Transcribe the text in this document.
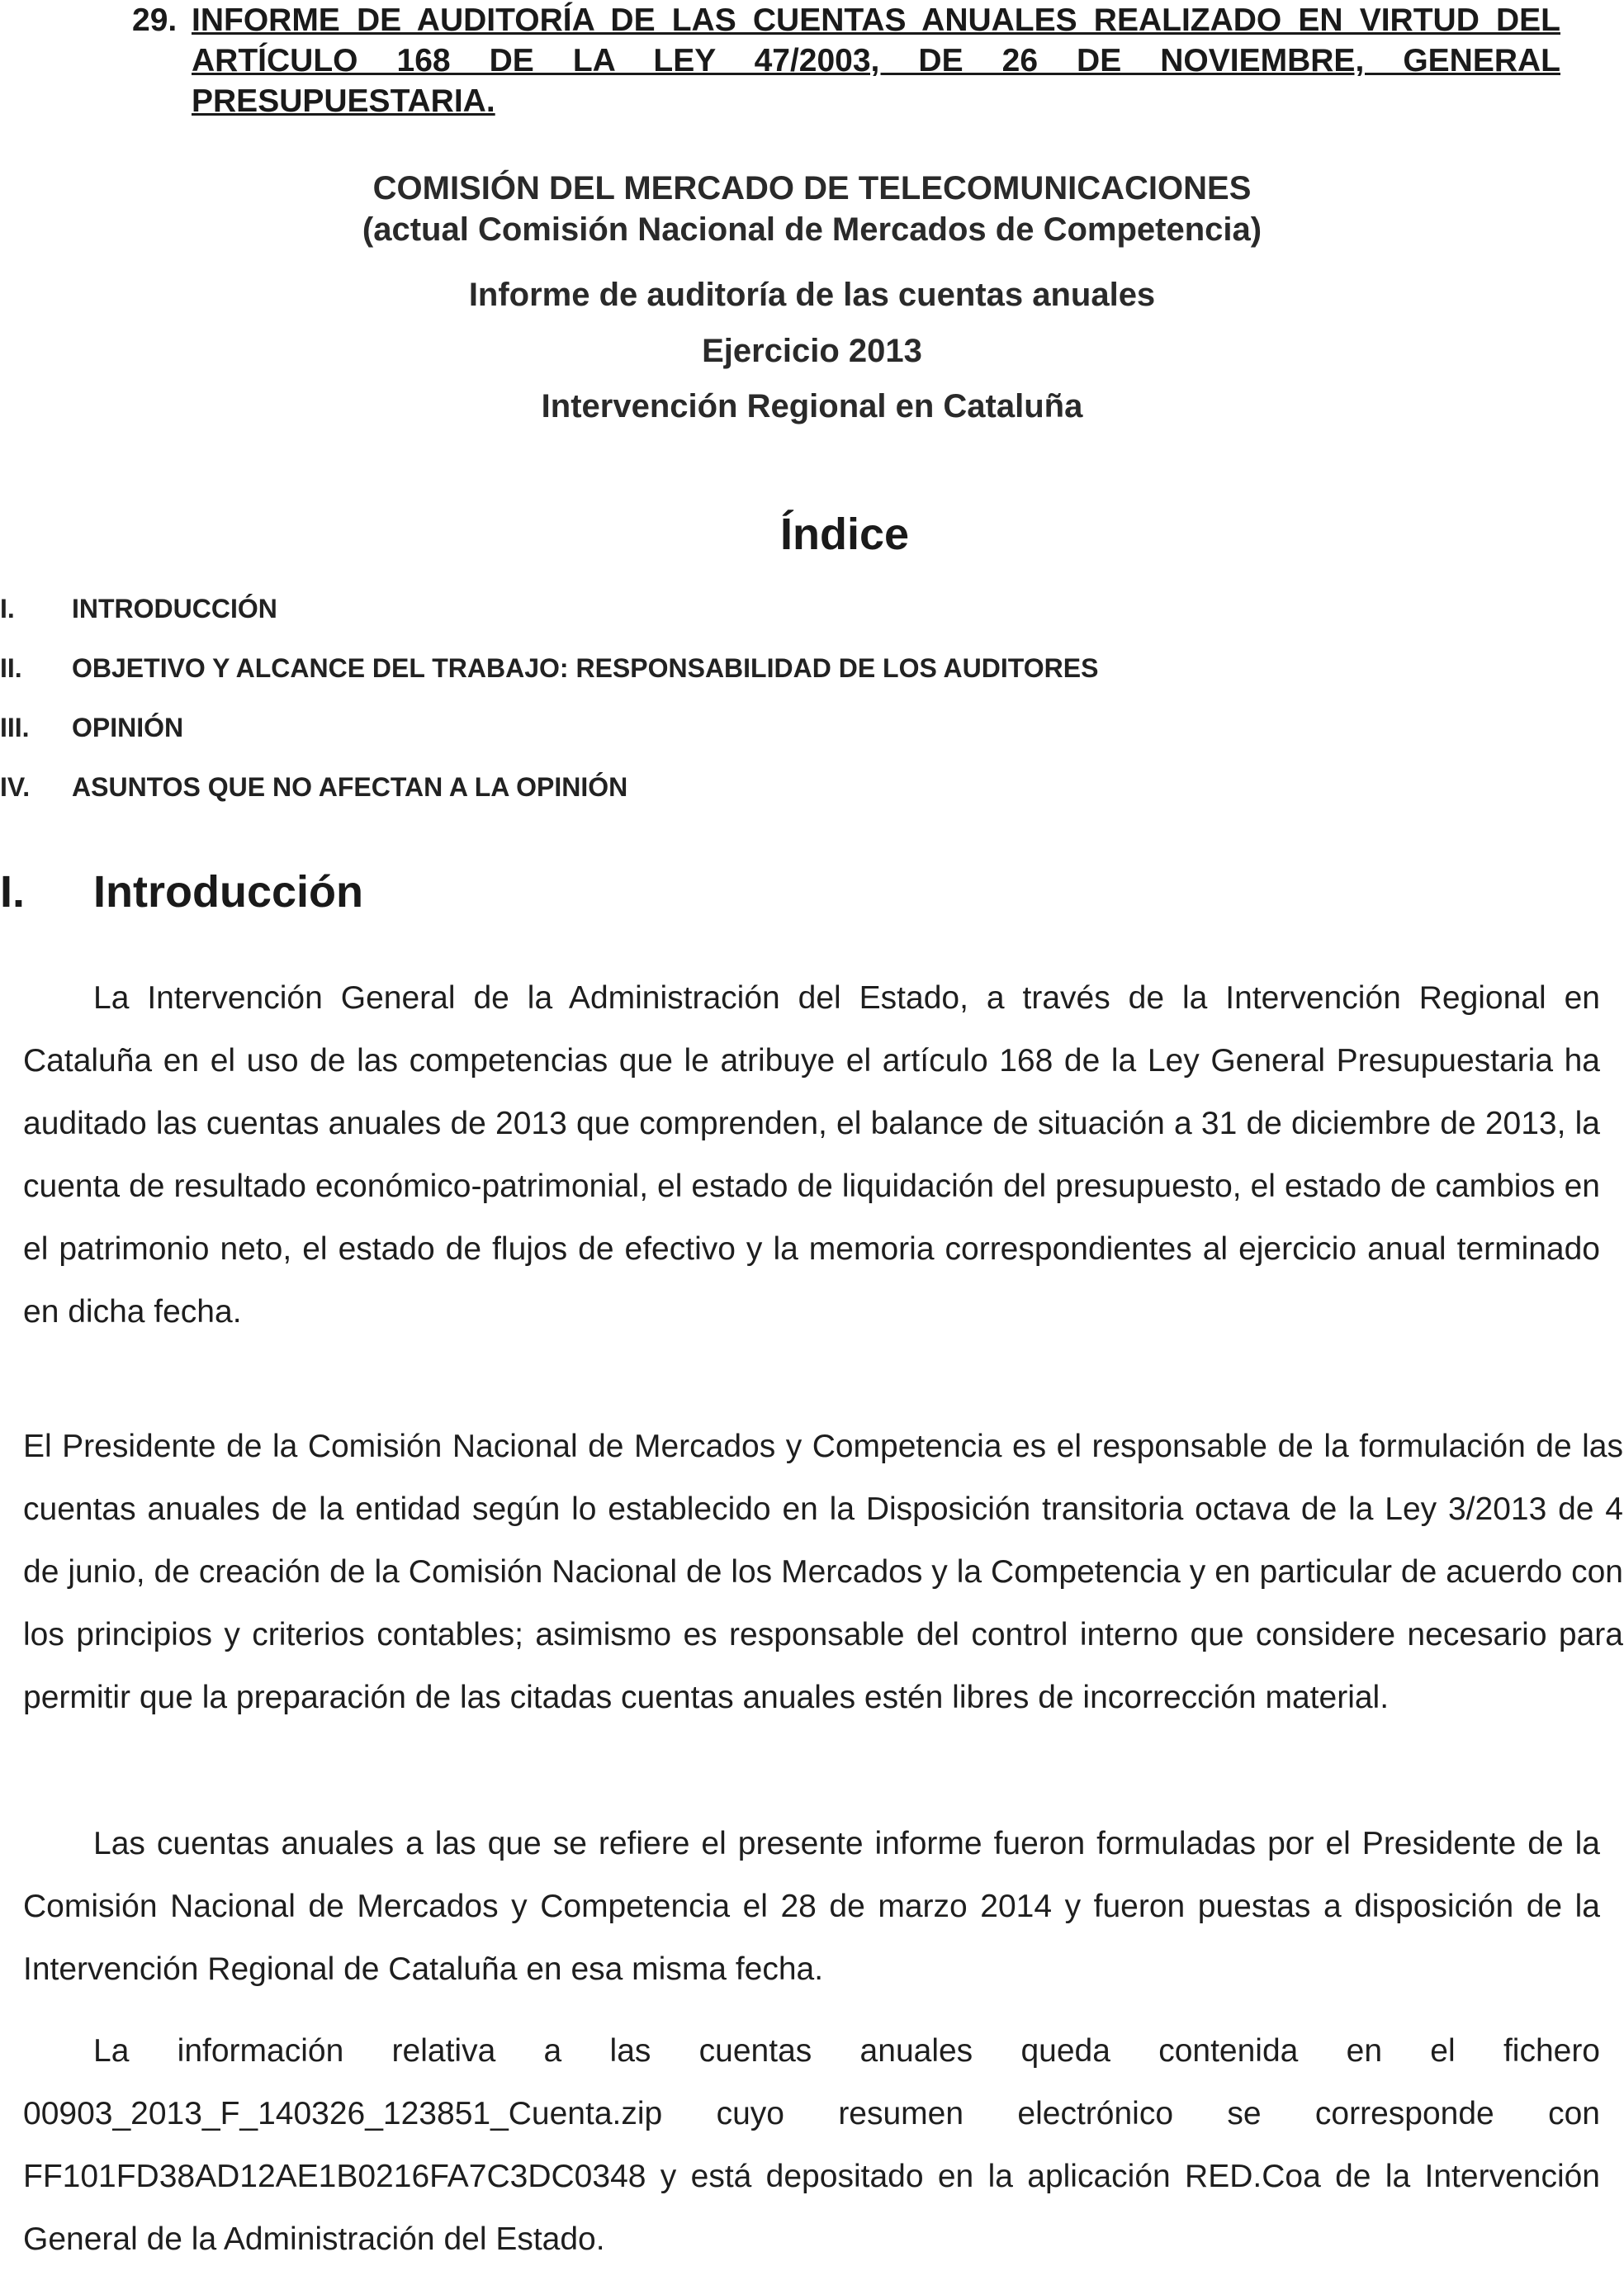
29. INFORME DE AUDITORÍA DE LAS CUENTAS ANUALES REALIZADO EN VIRTUD DEL ARTÍCULO 168 DE LA LEY 47/2003, DE 26 DE NOVIEMBRE, GENERAL PRESUPUESTARIA.
COMISIÓN DEL MERCADO DE TELECOMUNICACIONES
(actual Comisión Nacional de Mercados de Competencia)
Informe de auditoría de las cuentas anuales
Ejercicio 2013
Intervención Regional en Cataluña
Índice
I. INTRODUCCIÓN
II. OBJETIVO Y ALCANCE DEL TRABAJO: RESPONSABILIDAD DE LOS AUDITORES
III. OPINIÓN
IV. ASUNTOS QUE NO AFECTAN A LA OPINIÓN
I. Introducción

La Intervención General de la Administración del Estado, a través de la Intervención Regional en Cataluña en el uso de las competencias que le atribuye el artículo 168 de la Ley General Presupuestaria ha auditado las cuentas anuales de 2013 que comprenden, el balance de situación a 31 de diciembre de 2013, la cuenta de resultado económico-patrimonial, el estado de liquidación del presupuesto, el estado de cambios en el patrimonio neto, el estado de flujos de efectivo y la memoria correspondientes al ejercicio anual terminado en dicha fecha.

El Presidente de la Comisión Nacional de Mercados y Competencia es el responsable de la formulación de las cuentas anuales de la entidad según lo establecido en la Disposición transitoria octava de la Ley 3/2013 de 4 de junio, de creación de la Comisión Nacional de los Mercados y la Competencia y en particular de acuerdo con los principios y criterios contables; asimismo es responsable del control interno que considere necesario para permitir que la preparación de las citadas cuentas anuales estén libres de incorrección material.

Las cuentas anuales a las que se refiere el presente informe fueron formuladas por el Presidente de la Comisión Nacional de Mercados y Competencia el 28 de marzo 2014 y fueron puestas a disposición de la Intervención Regional de Cataluña en esa misma fecha.

La información relativa a las cuentas anuales queda contenida en el fichero 00903_2013_F_140326_123851_Cuenta.zip cuyo resumen electrónico se corresponde con FF101FD38AD12AE1B0216FA7C3DC0348 y está depositado en la aplicación RED.Coa de la Intervención General de la Administración del Estado.
